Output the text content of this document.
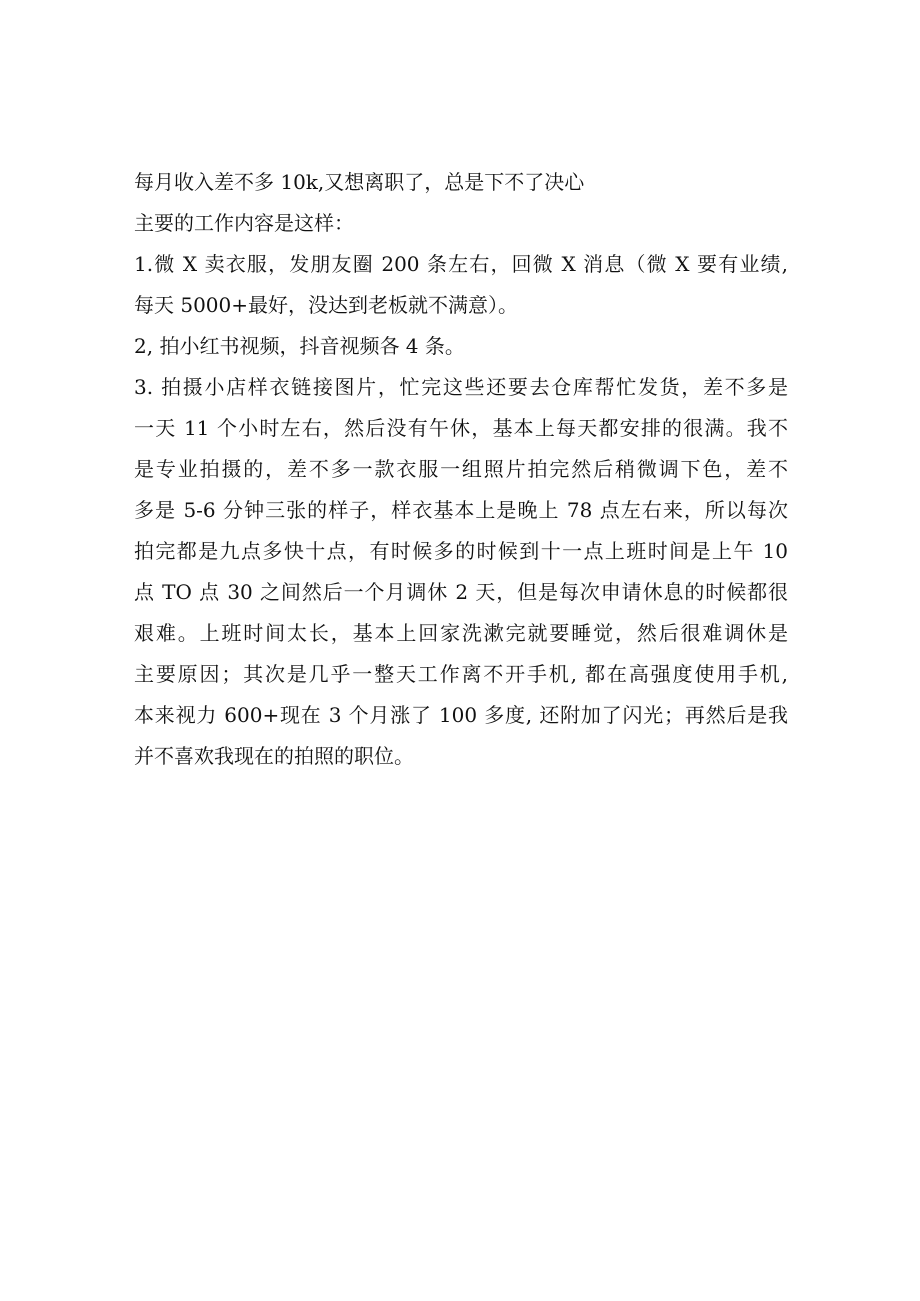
每月收入差不多 10k,又想离职了，总是下不了决心
主要的工作内容是这样：
1.微 X 卖衣服，发朋友圈 200 条左右，回微 X 消息（微 X 要有业绩,
每天 5000+最好，没达到老板就不满意）。
2, 拍小红书视频，抖音视频各 4 条。
3. 拍摄小店样衣链接图片，忙完这些还要去仓库帮忙发货，差不多是
一天 11 个小时左右，然后没有午休，基本上每天都安排的很满。我不
是专业拍摄的，差不多一款衣服一组照片拍完然后稍微调下色，差不
多是 5-6 分钟三张的样子，样衣基本上是晚上 78 点左右来，所以每次
拍完都是九点多快十点，有时候多的时候到十一点上班时间是上午 10
点 TO 点 30 之间然后一个月调休 2 天，但是每次申请休息的时候都很
艰难。上班时间太长，基本上回家洗漱完就要睡觉，然后很难调休是
主要原因；其次是几乎一整天工作离不开手机, 都在高强度使用手机,
本来视力 600+现在 3 个月涨了 100 多度, 还附加了闪光；再然后是我
并不喜欢我现在的拍照的职位。
